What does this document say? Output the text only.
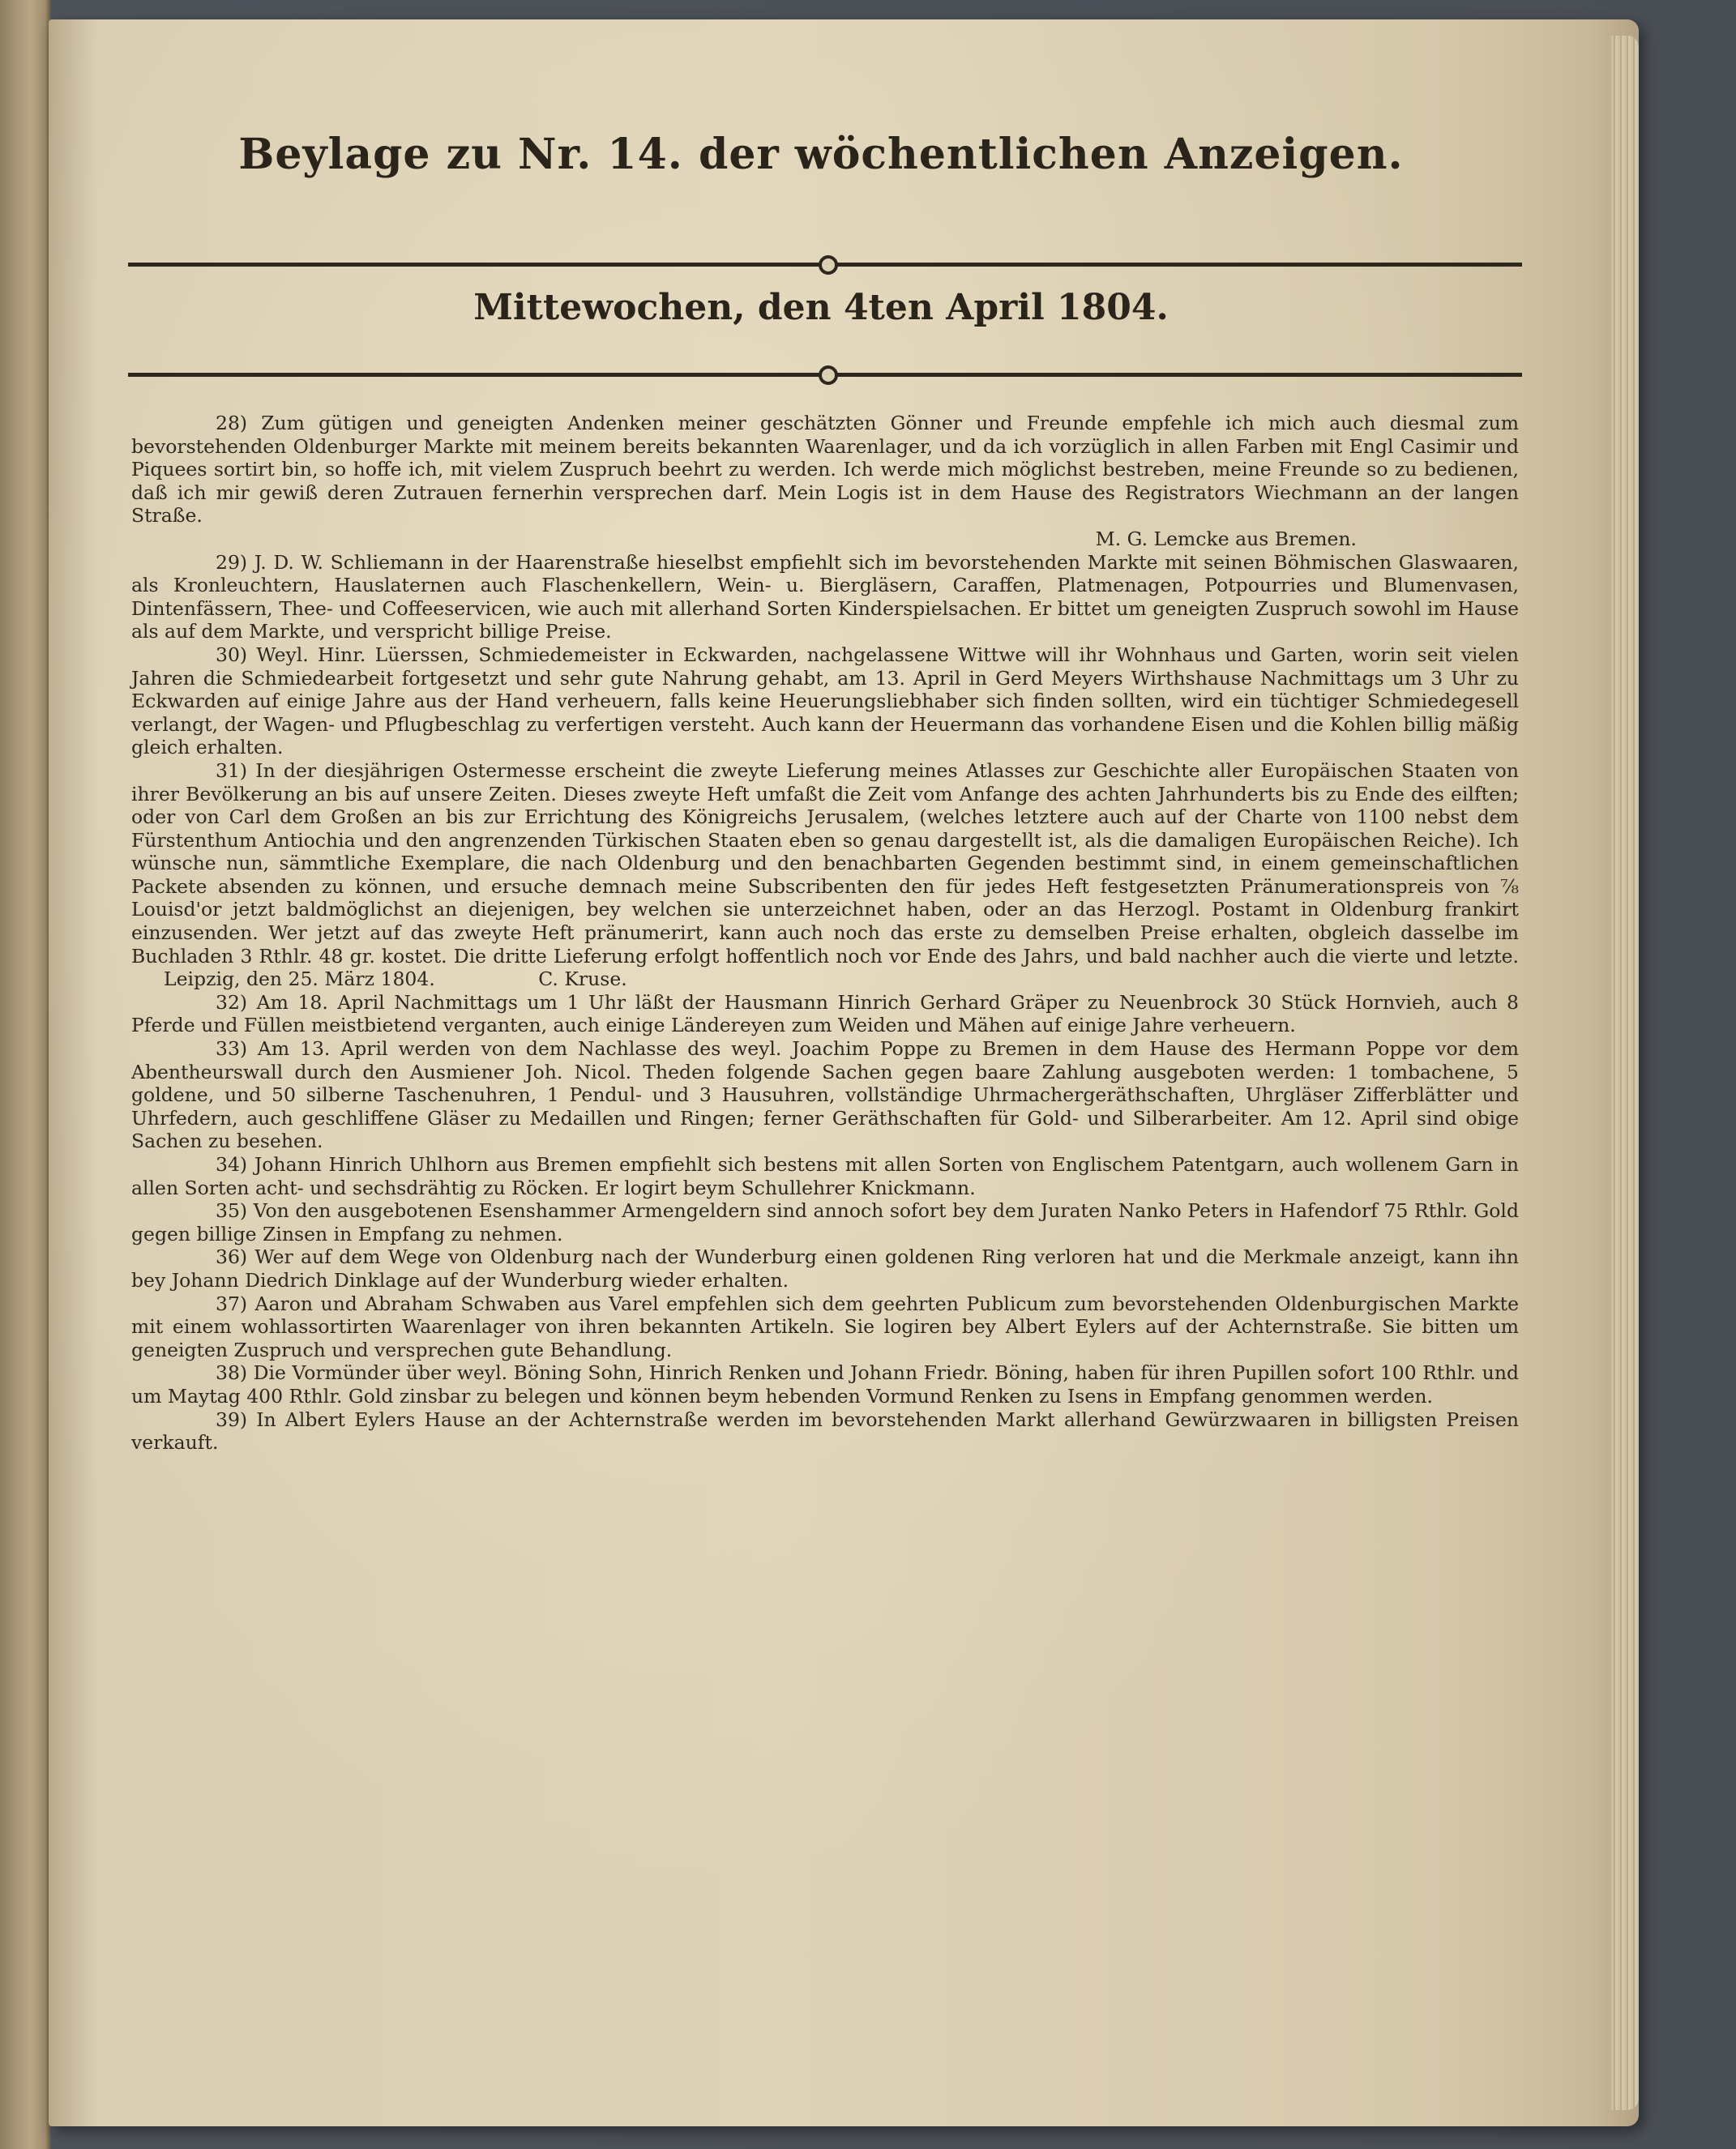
Beylage zu Nr. 14. der wöchentlichen Anzeigen.
Mittewochen, den 4ten April 1804.

28) Zum gütigen und geneigten Andenken meiner geschätzten Gönner und Freunde empfehle ich mich auch diesmal zum bevorstehenden Oldenburger Markte mit meinem bereits bekannten Waarenlager, und da ich vorzüglich in allen Farben mit Engl Casimir und Piquees sortirt bin, so hoffe ich, mit vielem Zuspruch beehrt zu werden. Ich werde mich möglichst bestreben, meine Freunde so zu bedienen, daß ich mir gewiß deren Zutrauen fernerhin versprechen darf. Mein Logis ist in dem Hause des Registrators Wiechmann an der langen Straße.
M. G. Lemcke aus Bremen.

29) J. D. W. Schliemann in der Haarenstraße hieselbst empfiehlt sich im bevorstehenden Markte mit seinen Böhmischen Glaswaaren, als Kronleuchtern, Hauslaternen auch Flaschenkellern, Wein- u. Biergläsern, Caraffen, Platmenagen, Potpourries und Blumenvasen, Dintenfässern, Thee- und Coffeeservicen, wie auch mit allerhand Sorten Kinderspielsachen. Er bittet um geneigten Zuspruch sowohl im Hause als auf dem Markte, und verspricht billige Preise.

30) Weyl. Hinr. Lüerssen, Schmiedemeister in Eckwarden, nachgelassene Wittwe will ihr Wohnhaus und Garten, worin seit vielen Jahren die Schmiedearbeit fortgesetzt und sehr gute Nahrung gehabt, am 13. April in Gerd Meyers Wirthshause Nachmittags um 3 Uhr zu Eckwarden auf einige Jahre aus der Hand verheuern, falls keine Heuerungsliebhaber sich finden sollten, wird ein tüchtiger Schmiedegesell verlangt, der Wagen- und Pflugbeschlag zu verfertigen versteht. Auch kann der Heuermann das vorhandene Eisen und die Kohlen billig mäßig gleich erhalten.

31) In der diesjährigen Ostermesse erscheint die zweyte Lieferung meines Atlasses zur Geschichte aller Europäischen Staaten von ihrer Bevölkerung an bis auf unsere Zeiten. Dieses zweyte Heft umfaßt die Zeit vom Anfange des achten Jahrhunderts bis zu Ende des eilften; oder von Carl dem Großen an bis zur Errichtung des Königreichs Jerusalem, (welches letztere auch auf der Charte von 1100 nebst dem Fürstenthum Antiochia und den angrenzenden Türkischen Staaten eben so genau dargestellt ist, als die damaligen Europäischen Reiche). Ich wünsche nun, sämmtliche Exemplare, die nach Oldenburg und den benachbarten Gegenden bestimmt sind, in einem gemeinschaftlichen Packete absenden zu können, und ersuche demnach meine Subscribenten den für jedes Heft festgesetzten Pränumerationspreis von ⅞ Louisd'or jetzt baldmöglichst an diejenigen, bey welchen sie unterzeichnet haben, oder an das Herzogl. Postamt in Oldenburg frankirt einzusenden. Wer jetzt auf das zweyte Heft pränumerirt, kann auch noch das erste zu demselben Preise erhalten, obgleich dasselbe im Buchladen 3 Rthlr. 48 gr. kostet. Die dritte Lieferung erfolgt hoffentlich noch vor Ende des Jahrs, und bald nachher auch die vierte und letzte. Leipzig, den 25. März 1804.	C. Kruse.

32) Am 18. April Nachmittags um 1 Uhr läßt der Hausmann Hinrich Gerhard Gräper zu Neuenbrock 30 Stück Hornvieh, auch 8 Pferde und Füllen meistbietend verganten, auch einige Ländereyen zum Weiden und Mähen auf einige Jahre verheuern.

33) Am 13. April werden von dem Nachlasse des weyl. Joachim Poppe zu Bremen in dem Hause des Hermann Poppe vor dem Abentheurswall durch den Ausmiener Joh. Nicol. Theden folgende Sachen gegen baare Zahlung ausgeboten werden: 1 tombachene, 5 goldene, und 50 silberne Taschenuhren, 1 Pendul- und 3 Hausuhren, vollständige Uhrmachergeräthschaften, Uhrgläser Zifferblätter und Uhrfedern, auch geschliffene Gläser zu Medaillen und Ringen; ferner Geräthschaften für Gold- und Silberarbeiter. Am 12. April sind obige Sachen zu besehen.

34) Johann Hinrich Uhlhorn aus Bremen empfiehlt sich bestens mit allen Sorten von Englischem Patentgarn, auch wollenem Garn in allen Sorten acht- und sechsdrähtig zu Röcken. Er logirt beym Schullehrer Knickmann.

35) Von den ausgebotenen Esenshammer Armengeldern sind annoch sofort bey dem Juraten Nanko Peters in Hafendorf 75 Rthlr. Gold gegen billige Zinsen in Empfang zu nehmen.

36) Wer auf dem Wege von Oldenburg nach der Wunderburg einen goldenen Ring verloren hat und die Merkmale anzeigt, kann ihn bey Johann Diedrich Dinklage auf der Wunderburg wieder erhalten.

37) Aaron und Abraham Schwaben aus Varel empfehlen sich dem geehrten Publicum zum bevorstehenden Oldenburgischen Markte mit einem wohlassortirten Waarenlager von ihren bekannten Artikeln. Sie logiren bey Albert Eylers auf der Achternstraße. Sie bitten um geneigten Zuspruch und versprechen gute Behandlung.

38) Die Vormünder über weyl. Böning Sohn, Hinrich Renken und Johann Friedr. Böning, haben für ihren Pupillen sofort 100 Rthlr. und um Maytag 400 Rthlr. Gold zinsbar zu belegen und können beym hebenden Vormund Renken zu Isens in Empfang genommen werden.

39) In Albert Eylers Hause an der Achternstraße werden im bevorstehenden Markt allerhand Gewürzwaaren in billigsten Preisen verkauft.
